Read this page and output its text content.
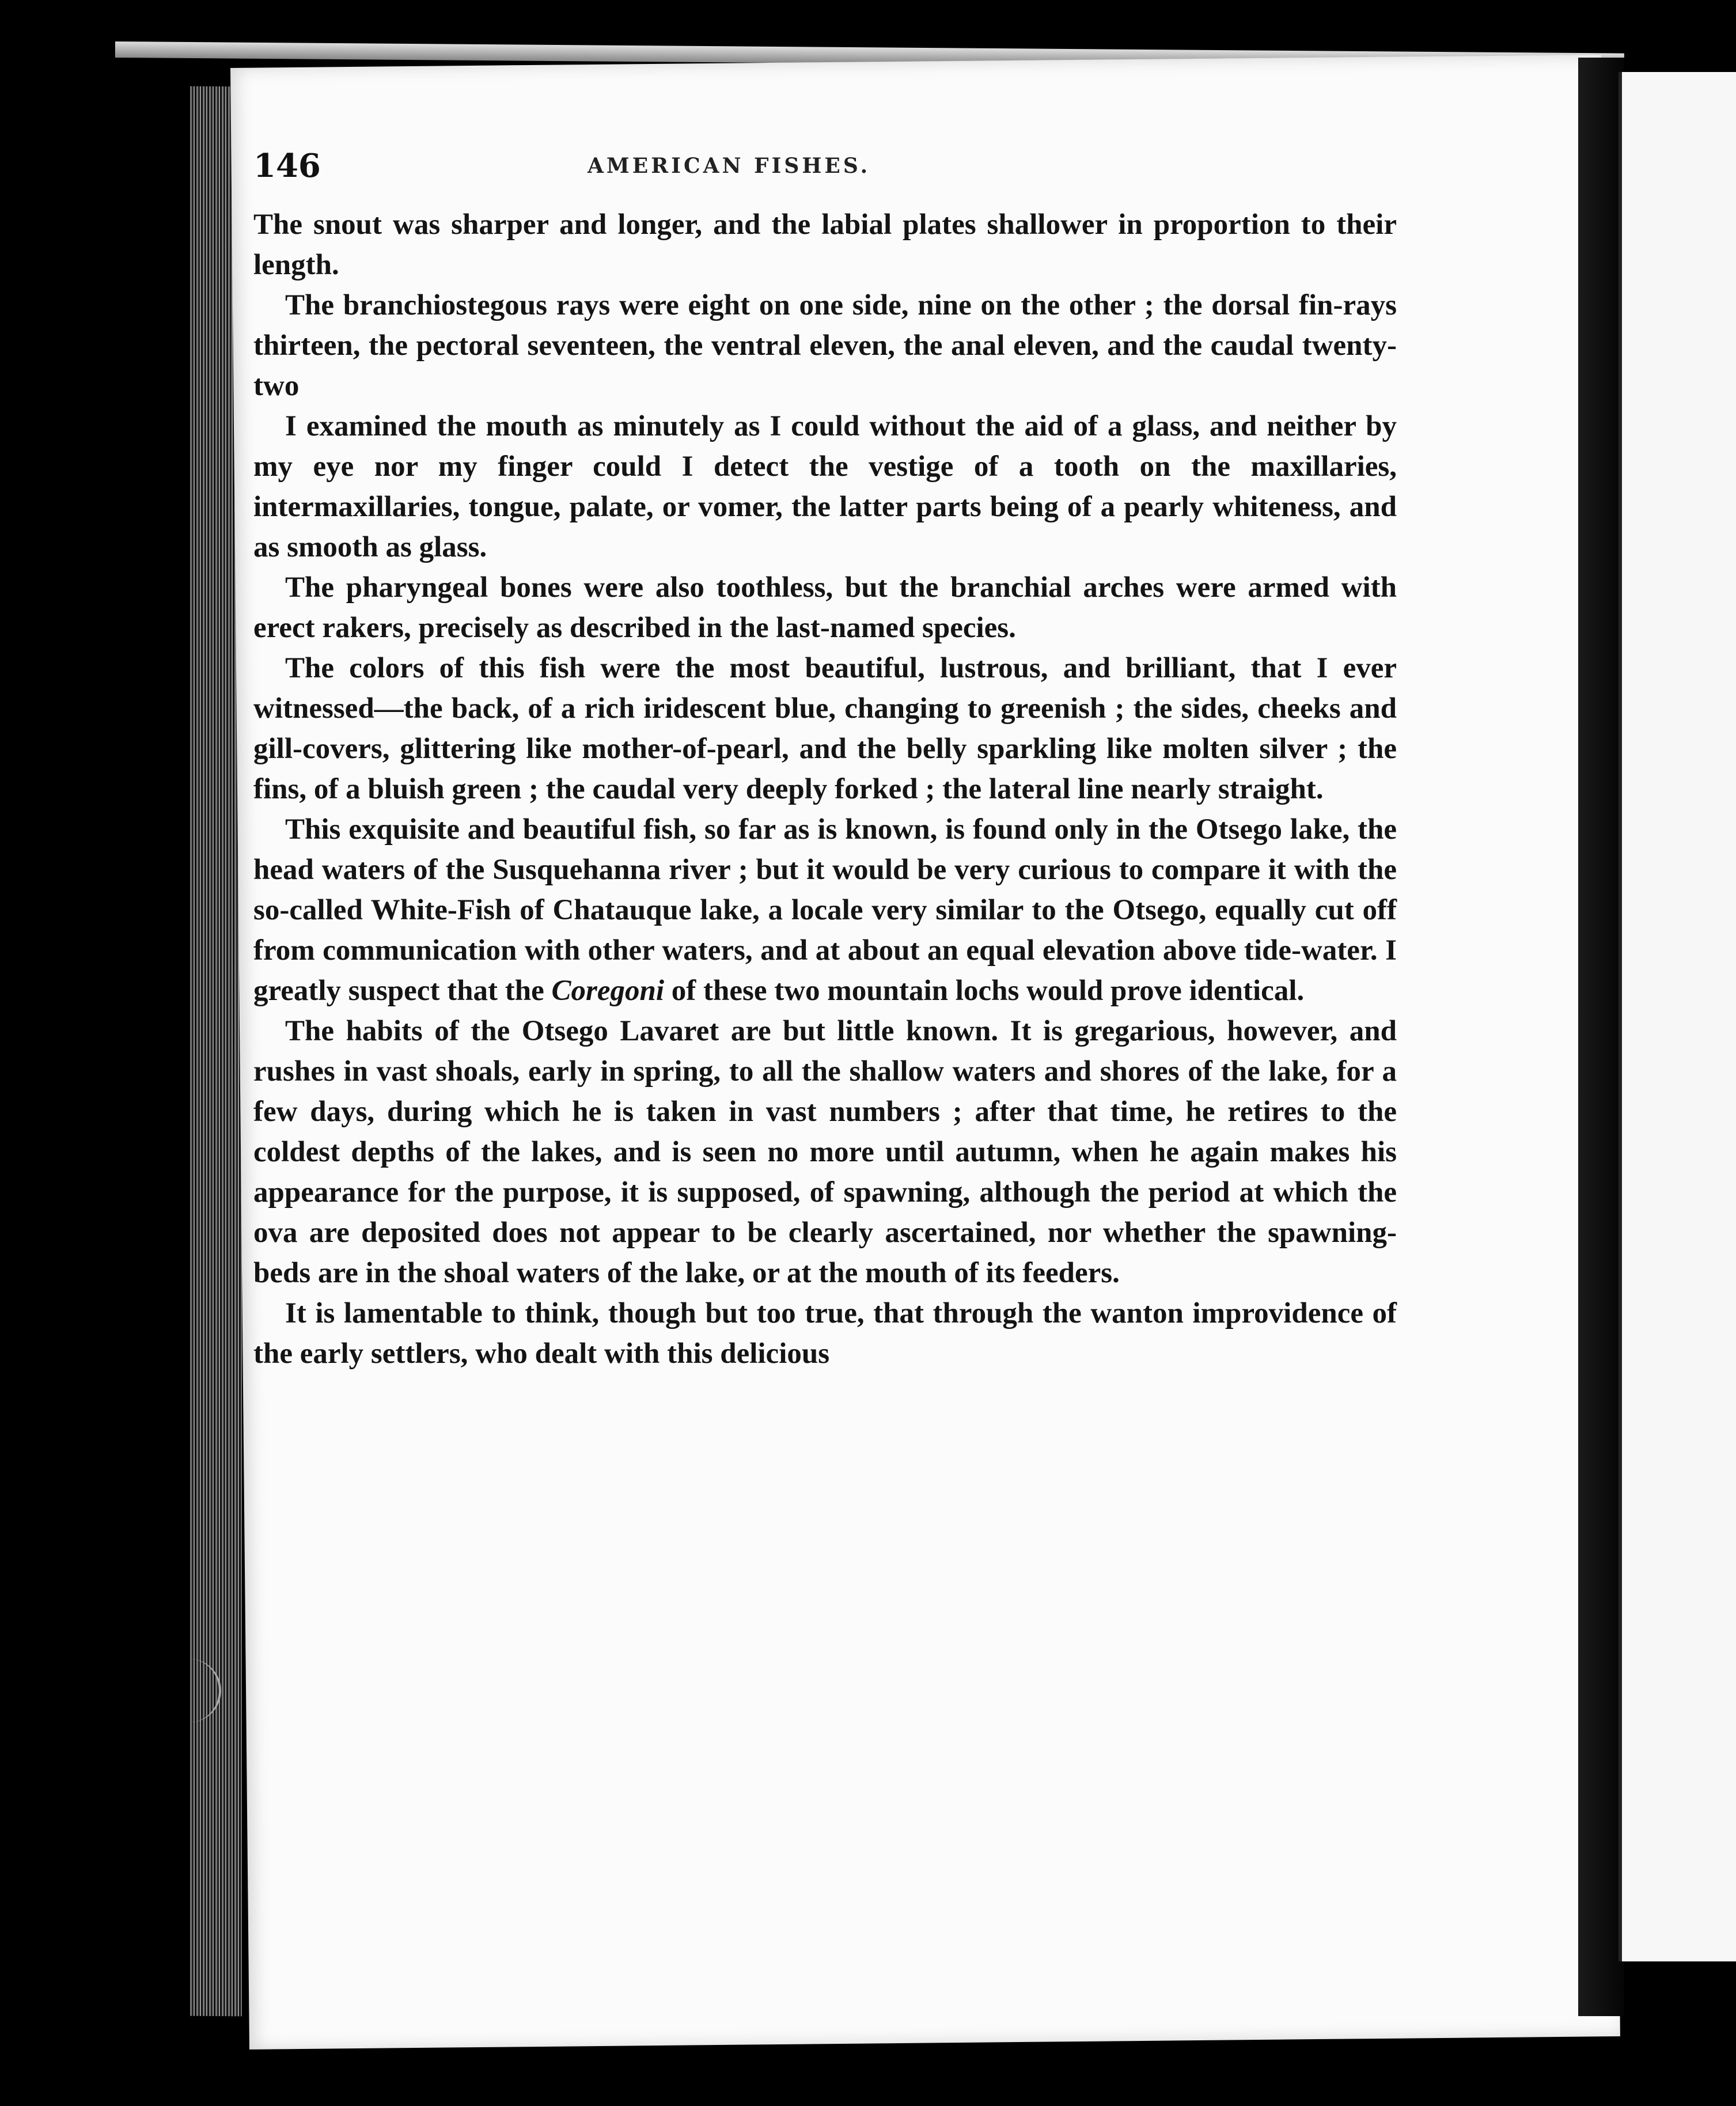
146	AMERICAN FISHES.

The snout was sharper and longer, and the labial plates shallower in proportion to their length.

The branchiostegous rays were eight on one side, nine on the other ; the dorsal fin-rays thirteen, the pectoral seventeen, the ventral eleven, the anal eleven, and the caudal twenty-two

I examined the mouth as minutely as I could without the aid of a glass, and neither by my eye nor my finger could I detect the vestige of a tooth on the maxillaries, intermaxillaries, tongue, palate, or vomer, the latter parts being of a pearly whiteness, and as smooth as glass.

The pharyngeal bones were also toothless, but the branchial arches were armed with erect rakers, precisely as described in the last-named species.

The colors of this fish were the most beautiful, lustrous, and brilliant, that I ever witnessed—the back, of a rich iridescent blue, changing to greenish ; the sides, cheeks and gill-covers, glittering like mother-of-pearl, and the belly sparkling like molten silver ; the fins, of a bluish green ; the caudal very deeply forked ; the lateral line nearly straight.

This exquisite and beautiful fish, so far as is known, is found only in the Otsego lake, the head waters of the Susquehanna river ; but it would be very curious to compare it with the so-called White-Fish of Chatauque lake, a locale very similar to the Otsego, equally cut off from communication with other waters, and at about an equal elevation above tide-water. I greatly suspect that the Coregoni of these two mountain lochs would prove identical.

The habits of the Otsego Lavaret are but little known. It is gregarious, however, and rushes in vast shoals, early in spring, to all the shallow waters and shores of the lake, for a few days, during which he is taken in vast numbers ; after that time, he retires to the coldest depths of the lakes, and is seen no more until autumn, when he again makes his appearance for the purpose, it is supposed, of spawning, although the period at which the ova are deposited does not appear to be clearly ascertained, nor whether the spawning-beds are in the shoal waters of the lake, or at the mouth of its feeders.

It is lamentable to think, though but too true, that through the wanton improvidence of the early settlers, who dealt with this delicious
